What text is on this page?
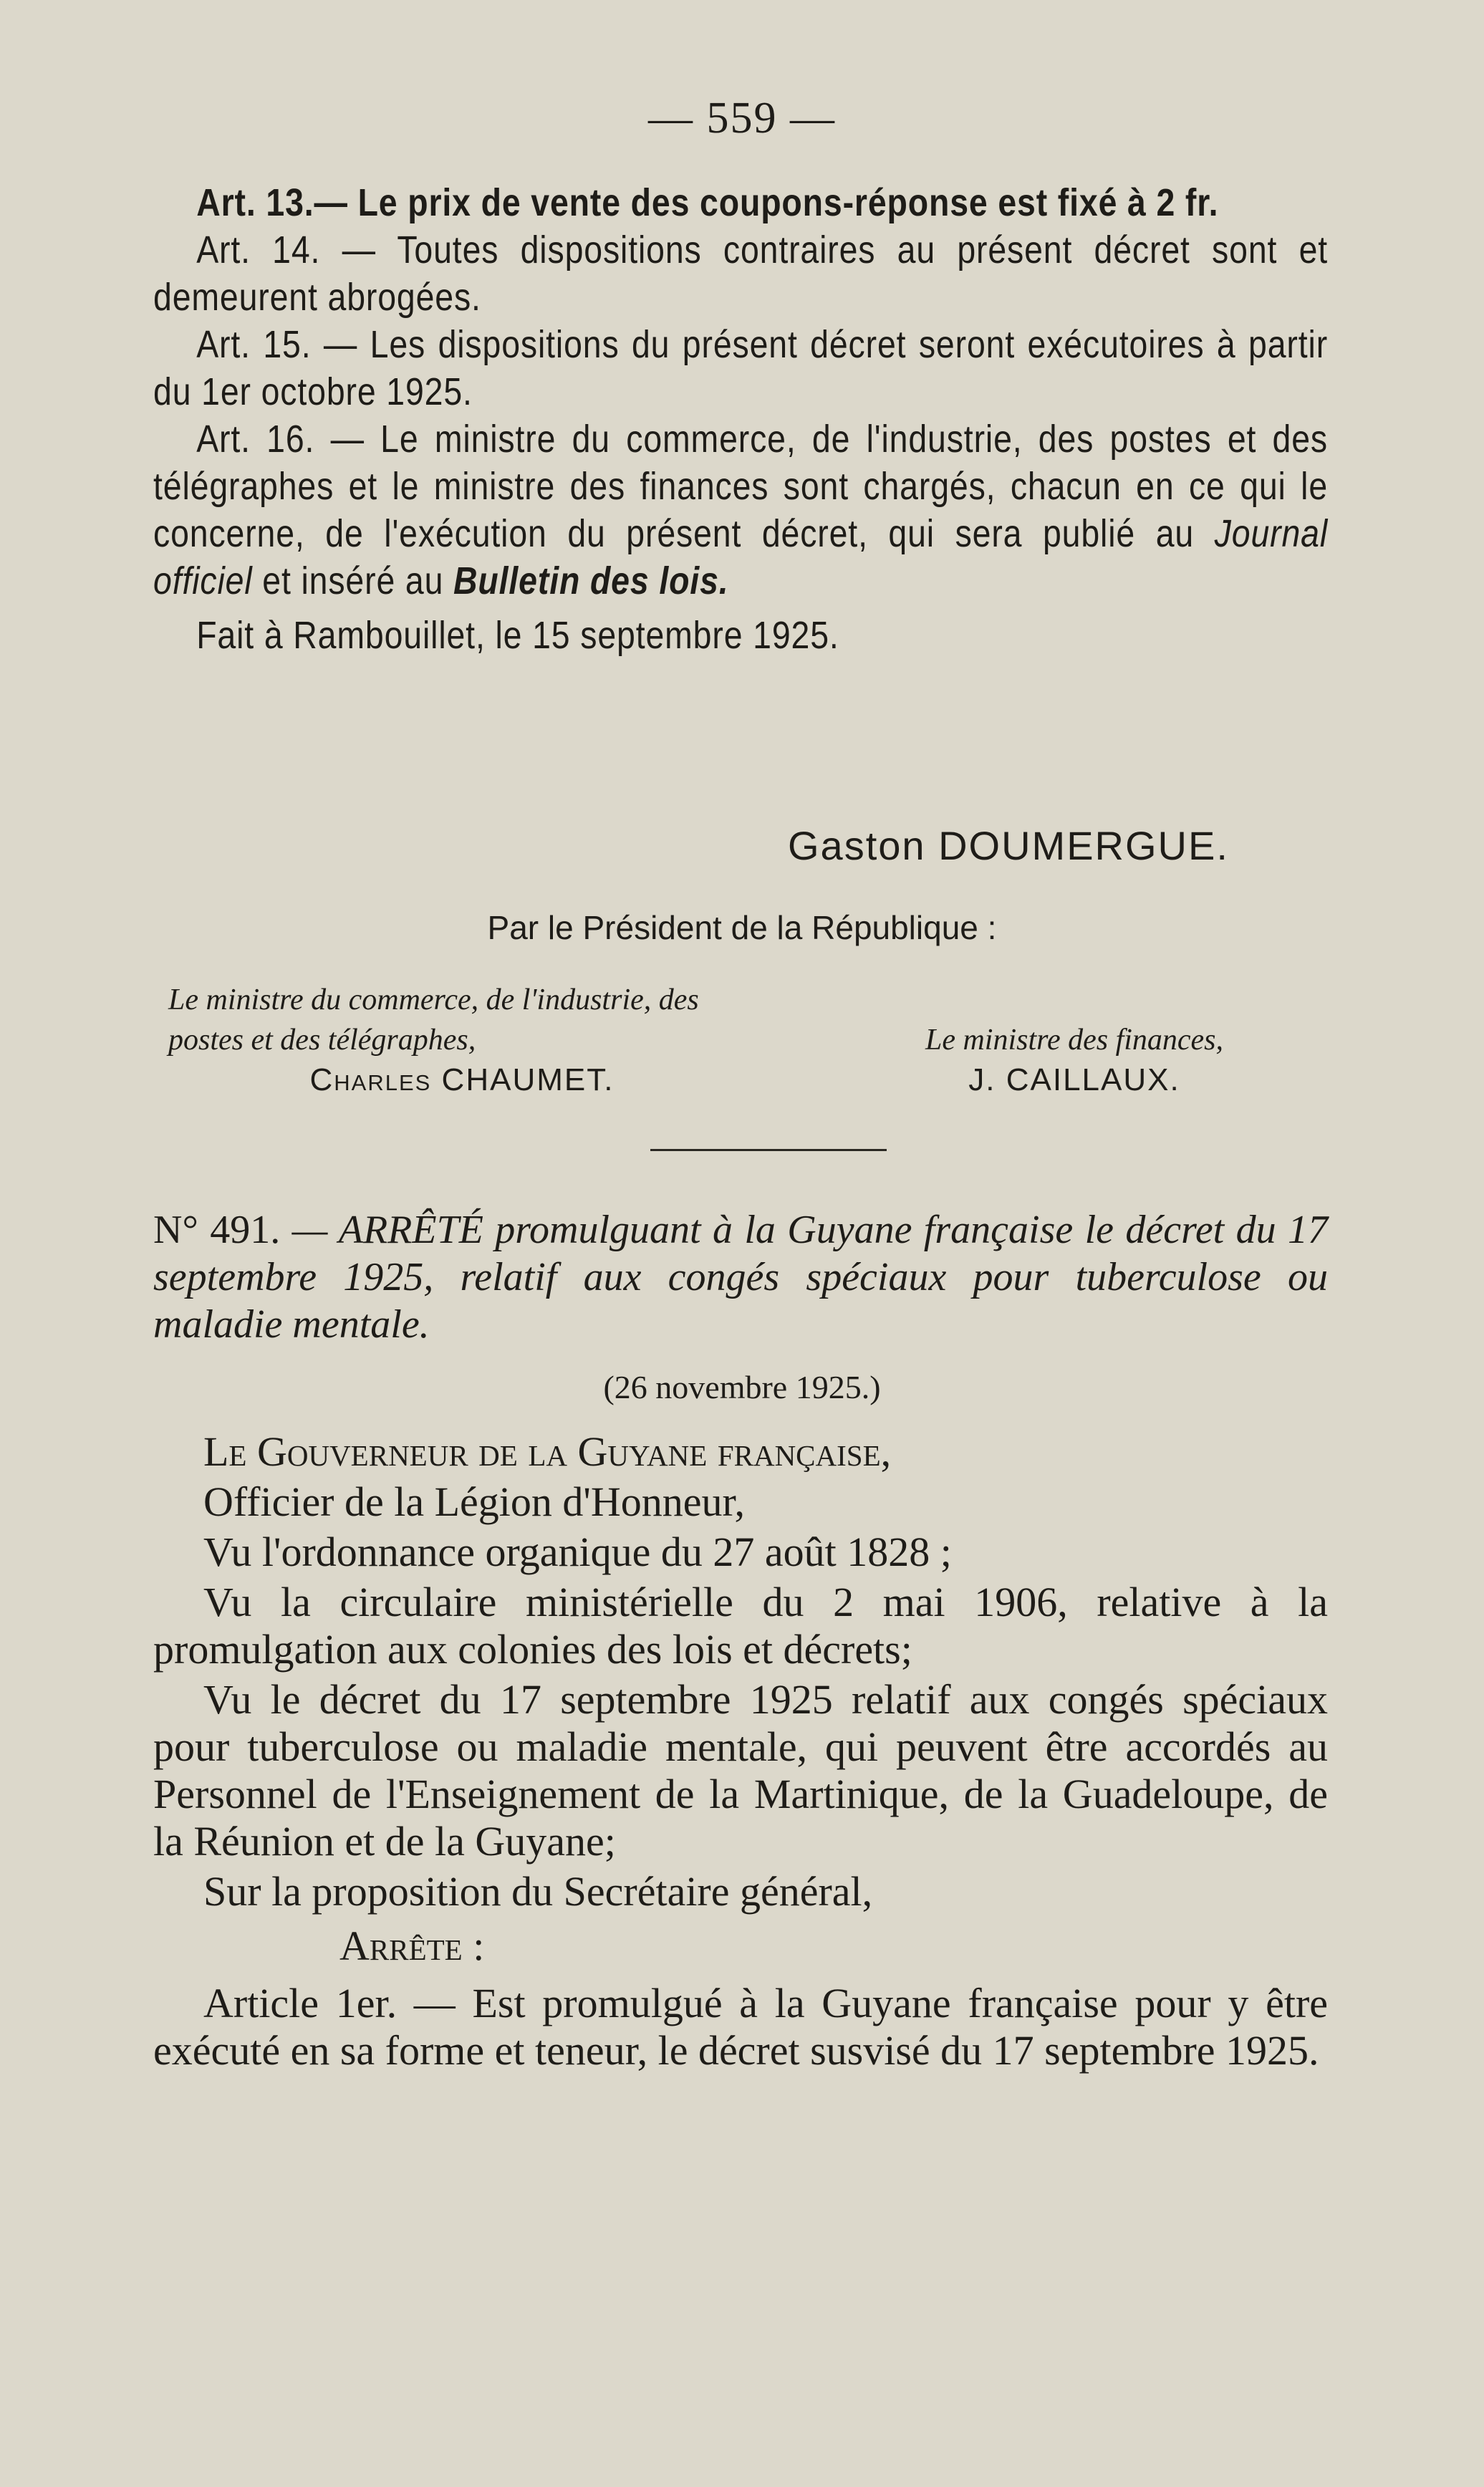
— 559 —

Art. 13.— Le prix de vente des coupons-réponse est fixé à 2 fr.

Art. 14. — Toutes dispositions contraires au présent décret sont et demeurent abrogées.

Art. 15. — Les dispositions du présent décret seront exécutoires à partir du 1er octobre 1925.

Art. 16. — Le ministre du commerce, de l'industrie, des postes et des télégraphes et le ministre des finances sont chargés, chacun en ce qui le concerne, de l'exécution du présent décret, qui sera publié au Journal officiel et inséré au Bulletin des lois.

Fait à Rambouillet, le 15 septembre 1925.

Gaston DOUMERGUE.
Par le Président de la République :
Le ministre du commerce, de l'industrie, des postes et des télégraphes,
Charles CHAUMET.
Le ministre des finances,
J. CAILLAUX.
N° 491. — ARRÊTÉ promulguant à la Guyane française le décret du 17 septembre 1925, relatif aux congés spéciaux pour tuberculose ou maladie mentale.
(26 novembre 1925.)

Le Gouverneur de la Guyane française,

Officier de la Légion d'Honneur,

Vu l'ordonnance organique du 27 août 1828 ;

Vu la circulaire ministérielle du 2 mai 1906, relative à la promulgation aux colonies des lois et décrets;

Vu le décret du 17 septembre 1925 relatif aux congés spéciaux pour tuberculose ou maladie mentale, qui peuvent être accordés au Personnel de l'Enseignement de la Martinique, de la Guadeloupe, de la Réunion et de la Guyane;

Sur la proposition du Secrétaire général,

Arrête :

Article 1er. — Est promulgué à la Guyane française pour y être exécuté en sa forme et teneur, le décret susvisé du 17 septembre 1925.
